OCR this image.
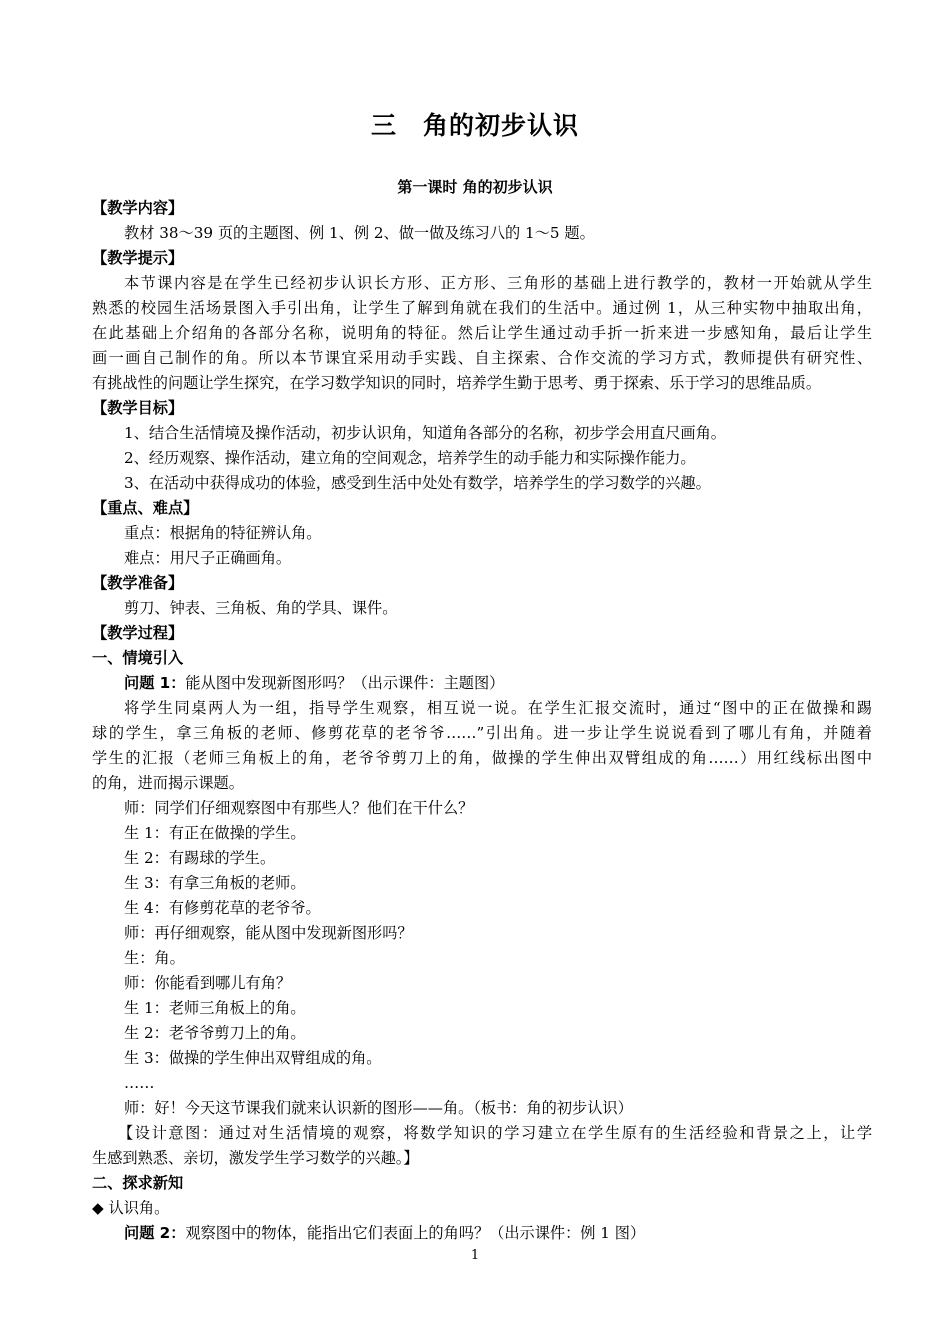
三　角的初步认识
第一课时 角的初步认识
【教学内容】
教材 38～39 页的主题图、例 1、例 2、做一做及练习八的 1～5 题。
【教学提示】
本节课内容是在学生已经初步认识长方形、正方形、三角形的基础上进行教学的，教材一开始就从学生
熟悉的校园生活场景图入手引出角，让学生了解到角就在我们的生活中。通过例 1，从三种实物中抽取出角，
在此基础上介绍角的各部分名称，说明角的特征。然后让学生通过动手折一折来进一步感知角，最后让学生
画一画自己制作的角。所以本节课宜采用动手实践、自主探索、合作交流的学习方式，教师提供有研究性、
有挑战性的问题让学生探究，在学习数学知识的同时，培养学生勤于思考、勇于探索、乐于学习的思维品质。
【教学目标】
1、结合生活情境及操作活动，初步认识角，知道角各部分的名称，初步学会用直尺画角。
2、经历观察、操作活动，建立角的空间观念，培养学生的动手能力和实际操作能力。
3、在活动中获得成功的体验，感受到生活中处处有数学，培养学生的学习数学的兴趣。
【重点、难点】
重点：根据角的特征辨认角。
难点：用尺子正确画角。
【教学准备】
剪刀、钟表、三角板、角的学具、课件。
【教学过程】
一、情境引入
问题 1：能从图中发现新图形吗？（出示课件：主题图）
将学生同桌两人为一组，指导学生观察，相互说一说。在学生汇报交流时，通过“图中的正在做操和踢
球的学生，拿三角板的老师、修剪花草的老爷爷……”引出角。进一步让学生说说看到了哪儿有角，并随着
学生的汇报（老师三角板上的角，老爷爷剪刀上的角，做操的学生伸出双臂组成的角……）用红线标出图中
的角，进而揭示课题。
师：同学们仔细观察图中有那些人？他们在干什么？
生 1：有正在做操的学生。
生 2：有踢球的学生。
生 3：有拿三角板的老师。
生 4：有修剪花草的老爷爷。
师：再仔细观察，能从图中发现新图形吗？
生：角。
师：你能看到哪儿有角？
生 1：老师三角板上的角。
生 2：老爷爷剪刀上的角。
生 3：做操的学生伸出双臂组成的角。
……
师：好！今天这节课我们就来认识新的图形——角。（板书：角的初步认识）
【设计意图：通过对生活情境的观察，将数学知识的学习建立在学生原有的生活经验和背景之上，让学
生感到熟悉、亲切，激发学生学习数学的兴趣。】
二、探求新知
◆ 认识角。
问题 2：观察图中的物体，能指出它们表面上的角吗？（出示课件：例 1 图）
1
